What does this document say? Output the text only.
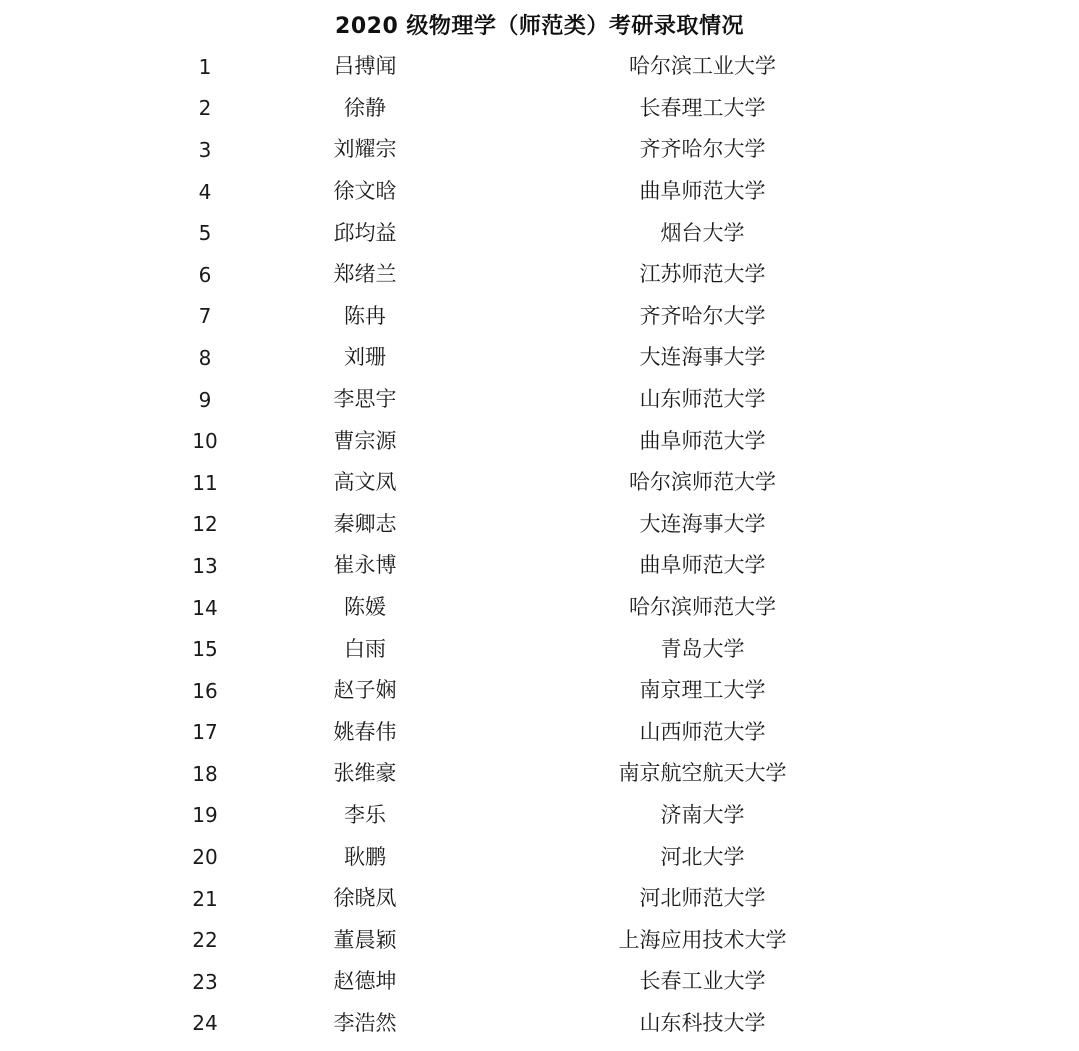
2020 级物理学（师范类）考研录取情况
1	吕搏闻	哈尔滨工业大学
2	徐静	长春理工大学
3	刘耀宗	齐齐哈尔大学
4	徐文晗	曲阜师范大学
5	邱均益	烟台大学
6	郑绪兰	江苏师范大学
7	陈冉	齐齐哈尔大学
8	刘珊	大连海事大学
9	李思宇	山东师范大学
10	曹宗源	曲阜师范大学
11	高文凤	哈尔滨师范大学
12	秦卿志	大连海事大学
13	崔永博	曲阜师范大学
14	陈媛	哈尔滨师范大学
15	白雨	青岛大学
16	赵子娴	南京理工大学
17	姚春伟	山西师范大学
18	张维豪	南京航空航天大学
19	李乐	济南大学
20	耿鹏	河北大学
21	徐晓凤	河北师范大学
22	董晨颖	上海应用技术大学
23	赵德坤	长春工业大学
24	李浩然	山东科技大学
